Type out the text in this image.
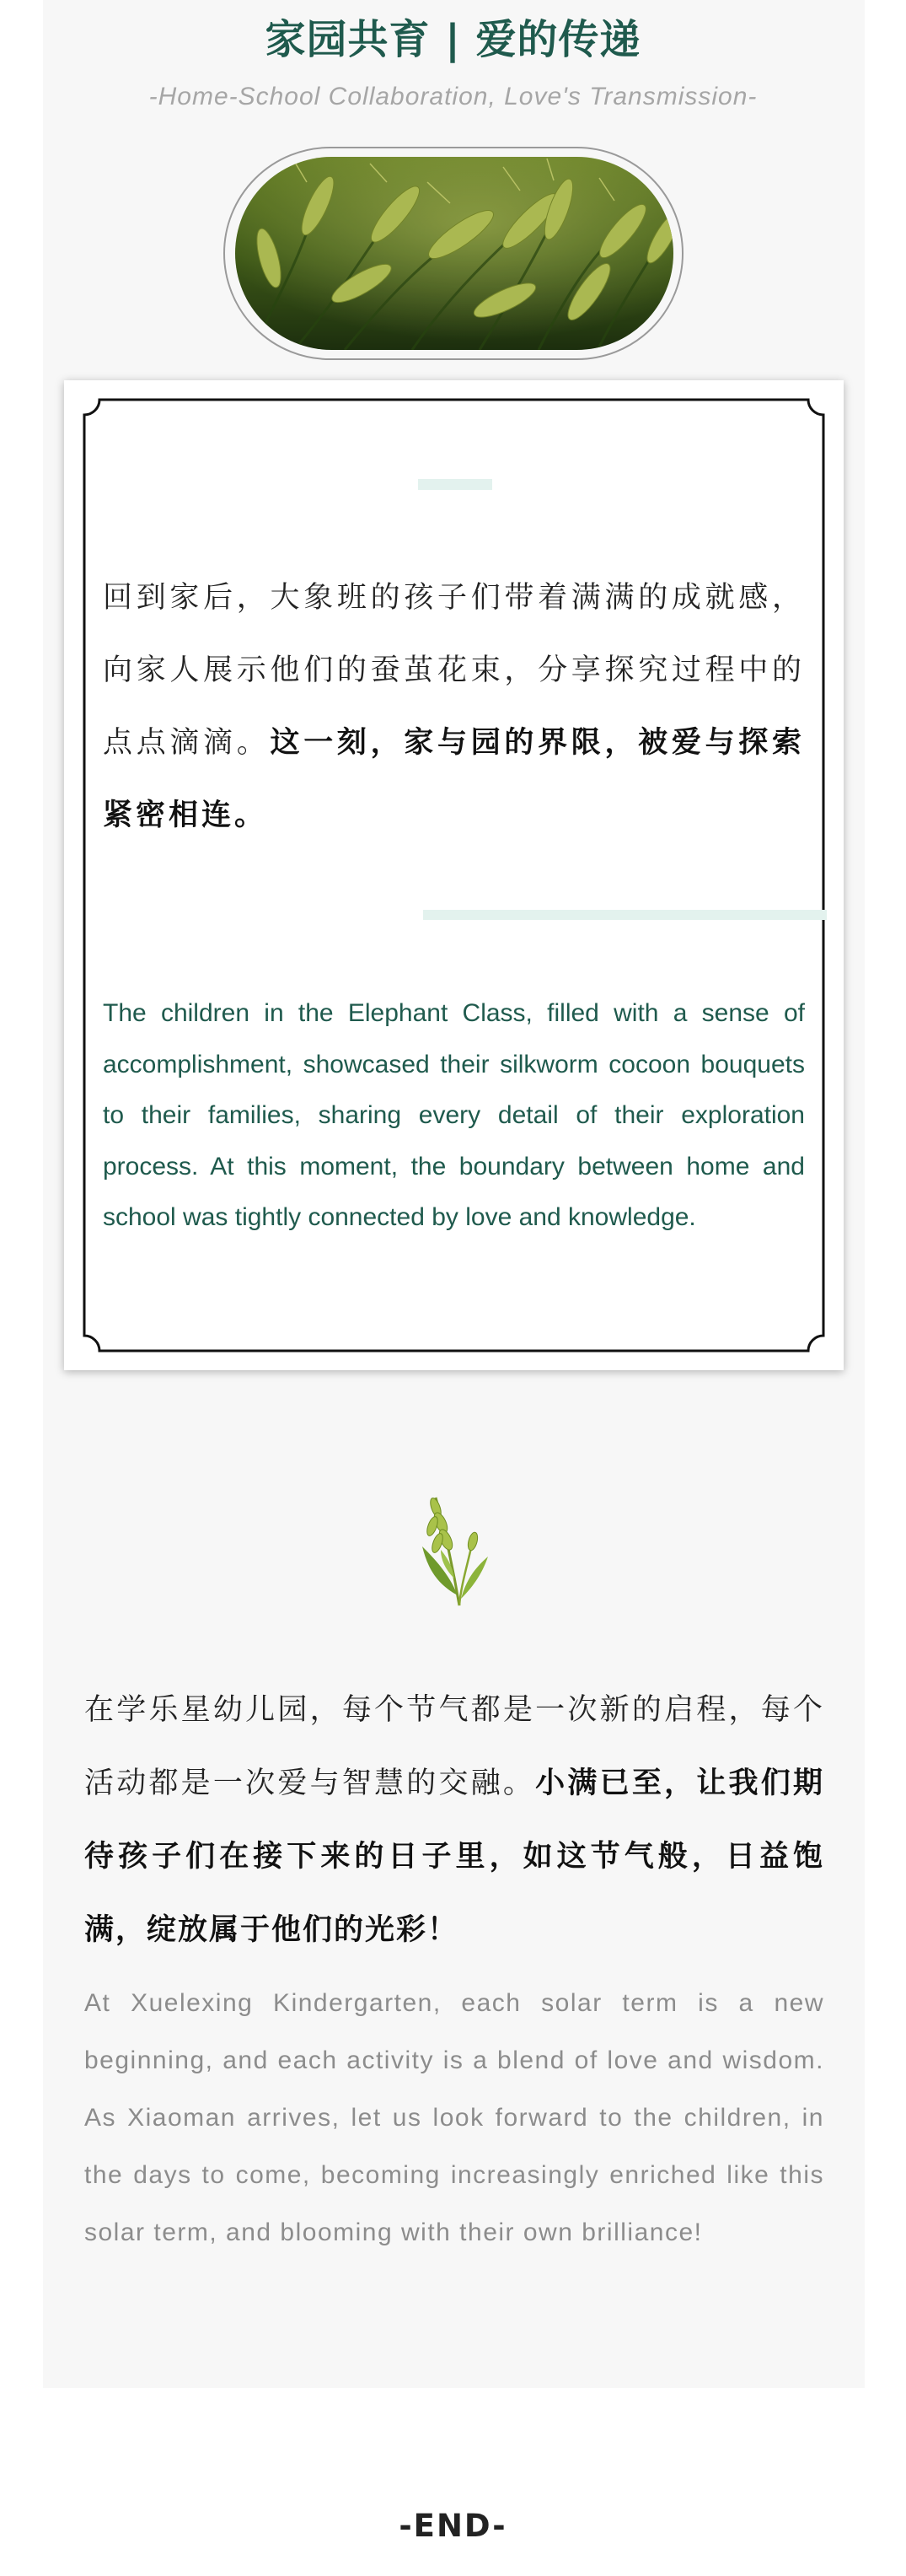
家园共育 | 爱的传递
-Home-School Collaboration, Love's Transmission-
回到家后，大象班的孩子们带着满满的成就感，向家人展示他们的蚕茧花束，分享探究过程中的点点滴滴。这一刻，家与园的界限，被爱与探索紧密相连。
The children in the Elephant Class, filled with a sense of accomplishment, showcased their silkworm cocoon bouquets to their families, sharing every detail of their exploration process. At this moment, the boundary between home and school was tightly connected by love and knowledge.
在学乐星幼儿园，每个节气都是一次新的启程，每个活动都是一次爱与智慧的交融。小满已至，让我们期待孩子们在接下来的日子里，如这节气般，日益饱满，绽放属于他们的光彩！
At Xuelexing Kindergarten, each solar term is a new beginning, and each activity is a blend of love and wisdom. As Xiaoman arrives, let us look forward to the children, in the days to come, becoming increasingly enriched like this solar term, and blooming with their own brilliance!
-END-
